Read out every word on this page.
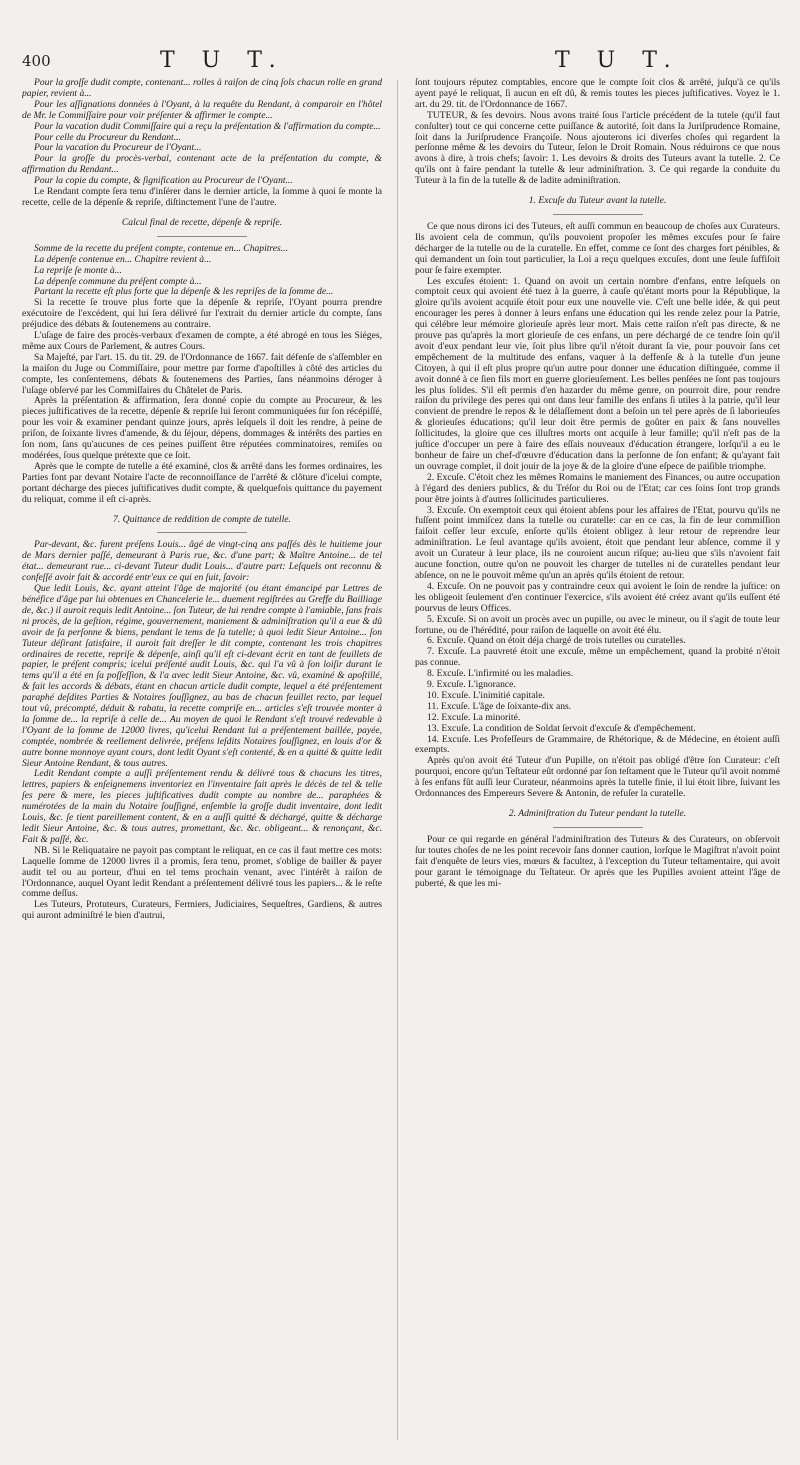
400	T U T.	T U T.

Pour la groſſe dudit compte, contenant... rolles à raiſon de cinq ſols chacun rolle en grand papier, revient à...

Pour les aſſignations données à l'Oyant, à la requête du Rendant, à comparoir en l'hôtel de Mr. le Commiſſaire pour voir préſenter & affirmer le compte...

Pour la vacation dudit Commiſſaire qui a reçu la préſentation & l'affirmation du compte...

Pour celle du Procureur du Rendant...

Pour la vacation du Procureur de l'Oyant...

Pour la groſſe du procès-verbal, contenant acte de la préſentation du compte, & affirmation du Rendant...

Pour la copie du compte, & ſignification au Procureur de l'Oyant...

Le Rendant compte ſera tenu d'inſérer dans le dernier article, la ſomme à quoi ſe monte la recette, celle de la dépenſe & repriſe, diſtinctement l'une de l'autre.

Calcul final de recette, dépenſe & repriſe.

Somme de la recette du préſent compte, contenue en... Chapitres...

La dépenſe contenue en... Chapitre revient à...

La repriſe ſe monte à...

La dépenſe commune du préſent compte à...

Partant la recette eſt plus forte que la dépenſe & les repriſes de la ſomme de...

Si la recette ſe trouve plus forte que la dépenſe & repriſe, l'Oyant pourra prendre exécutoire de l'excédent, qui lui ſera délivré ſur l'extrait du dernier article du compte, ſans préjudice des débats & ſoutenemens au contraire.

L'uſage de faire des procès-verbaux d'examen de compte, a été abrogé en tous les Siéges, même aux Cours de Parlement, & autres Cours.

Sa Majeſté, par l'art. 15. du tit. 29. de l'Ordonnance de 1667. fait défenſe de s'aſſembler en la maiſon du Juge ou Commiſſaire, pour mettre par forme d'apoſtilles à côté des articles du compte, les conſentemens, débats & ſoutenemens des Parties, ſans néanmoins déroger à l'uſage obſervé par les Commiſſaires du Châtelet de Paris.

Après la préſentation & affirmation, ſera donné copie du compte au Procureur, & les pieces juſtificatives de la recette, dépenſe & repriſe lui ſeront communiquées ſur ſon récépiſſé, pour les voir & examiner pendant quinze jours, après leſquels il doit les rendre, à peine de priſon, de ſoixante livres d'amende, & du ſéjour, dépens, dommages & intérêts des parties en ſon nom, ſans qu'aucunes de ces peines puiſſent être réputées comminatoires, remiſes ou modérées, ſous quelque prétexte que ce ſoit.

Après que le compte de tutelle a été examiné, clos & arrêté dans les formes ordinaires, les Parties font par devant Notaire l'acte de reconnoiſſance de l'arrêté & clôture d'icelui compte, portant décharge des pieces juſtificatives dudit compte, & quelquefois quittance du payement du reliquat, comme il eſt ci-après.

7. Quittance de reddition de compte de tutelle.

Par-devant, &c. furent préſens Louis... âgé de vingt-cinq ans paſſés dès le huitieme jour de Mars dernier paſſé, demeurant à Paris rue, &c. d'une part; & Maître Antoine... de tel état... demeurant rue... ci-devant Tuteur dudit Louis... d'autre part: Leſquels ont reconnu & confeſſé avoir fait & accordé entr'eux ce qui en ſuit, ſavoir:

Que ledit Louis, &c. ayant atteint l'âge de majorité (ou étant émancipé par Lettres de bénéfice d'âge par lui obtenues en Chancelerie le... duement regiſtrées au Greffe du Bailliage de, &c.) il auroit requis ledit Antoine... ſon Tuteur, de lui rendre compte à l'amiable, ſans frais ni procès, de la geſtion, régime, gouvernement, maniement & adminiſtration qu'il a eue & dû avoir de ſa perſonne & biens, pendant le tems de ſa tutelle; à quoi ledit Sieur Antoine... ſon Tuteur déſirant ſatisfaire, il auroit fait dreſſer le dit compte, contenant les trois chapitres ordinaires de recette, repriſe & dépenſe, ainſi qu'il eſt ci-devant écrit en tant de feuillets de papier, le préſent compris; icelui préſenté audit Louis, &c. qui l'a vû à ſon loiſir durant le tems qu'il a été en ſa poſſeſſion, & l'a avec ledit Sieur Antoine, &c. vû, examiné & apoſtillé, & fait les accords & débats, étant en chacun article dudit compte, lequel a été préſentement paraphé deſdites Parties & Notaires ſouſſignez, au bas de chacun feuillet recto, par lequel tout vû, précompté, déduit & rabatu, la recette compriſe en... articles s'eſt trouvée monter à la ſomme de... la repriſe à celle de... Au moyen de quoi le Rendant s'eſt trouvé redevable à l'Oyant de la ſomme de 12000 livres, qu'icelui Rendant lui a préſentement baillée, payée, comptée, nombrée & reellement delivrée, préſens leſdits Notaires ſouſſignez, en louis d'or & autre bonne monnoye ayant cours, dont ledit Oyant s'eſt contenté, & en a quitté & quitte ledit Sieur Antoine Rendant, & tous autres.

Ledit Rendant compte a auſſi préſentement rendu & délivré tous & chacuns les titres, lettres, papiers & enſeignemens inventoriez en l'inventaire fait après le décès de tel & telle ſes pere & mere, les pieces juſtificatives dudit compte au nombre de... paraphées & numérotées de la main du Notaire ſouſſigné, enſemble la groſſe dudit inventaire, dont ledit Louis, &c. ſe tient pareillement content, & en a auſſi quitté & déchargé, quitte & décharge ledit Sieur Antoine, &c. & tous autres, promettant, &c. &c. obligeant... & renonçant, &c. Fait & paſſé, &c.

NB. Si le Reliquataire ne payoit pas comptant le reliquat, en ce cas il faut mettre ces mots: Laquelle ſomme de 12000 livres il a promis, ſera tenu, promet, s'oblige de bailler & payer audit tel ou au porteur, d'hui en tel tems prochain venant, avec l'intérêt à raiſon de l'Ordonnance, auquel Oyant ledit Rendant a préſentement délivré tous les papiers... & le reſte comme deſſus.

Les Tuteurs, Protuteurs, Curateurs, Fermiers, Judiciaires, Sequeſtres, Gardiens, & autres qui auront adminiſtré le bien d'autrui,

ſont toujours réputez comptables, encore que le compte ſoit clos & arrêté, juſqu'à ce qu'ils ayent payé le reliquat, ſi aucun en eſt dû, & remis toutes les pieces juſtificatives. Voyez le 1. art. du 29. tit. de l'Ordonnance de 1667.

TUTEUR, & ſes devoirs. Nous avons traité ſous l'article précédent de la tutele (qu'il faut conſulter) tout ce qui concerne cette puiſſance & autorité, ſoit dans la Juriſprudence Romaine, ſoit dans la Juriſprudence Françoiſe. Nous ajouterons ici diverſes choſes qui regardent la perſonne même & les devoirs du Tuteur, ſelon le Droit Romain. Nous réduirons ce que nous avons à dire, à trois chefs; ſavoir: 1. Les devoirs & droits des Tuteurs avant la tutelle. 2. Ce qu'ils ont à faire pendant la tutelle & leur adminiſtration. 3. Ce qui regarde la conduite du Tuteur à la fin de la tutelle & de ladite adminiſtration.

1. Excuſe du Tuteur avant la tutelle.

Ce que nous dirons ici des Tuteurs, eſt auſſi commun en beaucoup de choſes aux Curateurs. Ils avoient cela de commun, qu'ils pouvoient propoſer les mêmes excuſes pour ſe faire décharger de la tutelle ou de la curatelle. En effet, comme ce ſont des charges fort pénibles, & qui demandent un ſoin tout particulier, la Loi a reçu quelques excuſes, dont une ſeule ſuffiſoit pour ſe faire exempter.

Les excuſes étoient: 1. Quand on avoit un certain nombre d'enfans, entre leſquels on comptoit ceux qui avoient été tuez à la guerre, à cauſe qu'étant morts pour la République, la gloire qu'ils avoient acquiſe étoit pour eux une nouvelle vie. C'eſt une belle idée, & qui peut encourager les peres à donner à leurs enfans une éducation qui les rende zelez pour la Patrie, qui célébre leur mémoire glorieuſe après leur mort. Mais cette raiſon n'eſt pas directe, & ne prouve pas qu'après la mort glorieuſe de ces enfans, un pere déchargé de ce tendre ſoin qu'il avoit d'eux pendant leur vie, ſoit plus libre qu'il n'étoit durant ſa vie, pour pouvoir ſans cet empêchement de la multitude des enfans, vaquer à la deffenſe & à la tutelle d'un jeune Citoyen, à qui il eſt plus propre qu'un autre pour donner une éducation diſtinguée, comme il avoit donné à ce ſien fils mort en guerre glorieuſement. Les belles penſées ne ſont pas toujours les plus ſolides. S'il eſt permis d'en hazarder du même genre, on pourroit dire, pour rendre raiſon du privilege des peres qui ont dans leur famille des enfans ſi utiles à la patrie, qu'il leur convient de prendre le repos & le délaſſement dont a beſoin un tel pere après de ſi laborieuſes & glorieuſes éducations; qu'il leur doit être permis de goûter en paix & ſans nouvelles ſollicitudes, la gloire que ces illuſtres morts ont acquiſe à leur famille; qu'il n'eſt pas de la juſtice d'occuper un pere à faire des eſſais nouveaux d'éducation étrangere, lorſqu'il a eu le bonheur de faire un chef-d'œuvre d'éducation dans la perſonne de ſon enfant; & qu'ayant fait un ouvrage complet, il doit jouir de la joye & de la gloire d'une eſpece de paiſible triomphe.

2. Excuſe. C'étoit chez les mêmes Romains le maniement des Finances, ou autre occupation à l'égard des deniers publics, & du Tréſor du Roi ou de l'Etat; car ces ſoins ſont trop grands pour être joints à d'autres ſollicitudes particulieres.

3. Excuſe. On exemptoit ceux qui étoient abſens pour les affaires de l'Etat, pourvu qu'ils ne fuſſent point immiſcez dans la tutelle ou curatelle: car en ce cas, la fin de leur commiſſion faiſoit ceſſer leur excuſe, enſorte qu'ils étoient obligez à leur retour de reprendre leur adminiſtration. Le ſeul avantage qu'ils avoient, étoit que pendant leur abſence, comme il y avoit un Curateur à leur place, ils ne couroient aucun riſque; au-lieu que s'ils n'avoient fait aucune fonction, outre qu'on ne pouvoit les charger de tutelles ni de curatelles pendant leur abſence, on ne le pouvoit même qu'un an après qu'ils étoient de retour.

4. Excuſe. On ne pouvoit pas y contraindre ceux qui avoient le ſoin de rendre la juſtice: on les obligeoit ſeulement d'en continuer l'exercice, s'ils avoient été créez avant qu'ils euſſent été pourvus de leurs Offices.

5. Excuſe. Si on avoit un procès avec un pupille, ou avec le mineur, ou il s'agit de toute leur fortune, ou de l'hérédité, pour raiſon de laquelle on avoit été élu.

6. Excuſe. Quand on étoit déja chargé de trois tutelles ou curatelles.

7. Excuſe. La pauvreté étoit une excuſe, même un empêchement, quand la probité n'étoit pas connue.

8. Excuſe. L'infirmité ou les maladies.

9. Excuſe. L'ignorance.

10. Excuſe. L'inimitié capitale.

11. Excuſe. L'âge de ſoixante-dix ans.

12. Excuſe. La minorité.

13. Excuſe. La condition de Soldat ſervoit d'excuſe & d'empêchement.

14. Excuſe. Les Profeſſeurs de Grammaire, de Rhétorique, & de Médecine, en étoient auſſi exempts.

Après qu'on avoit été Tuteur d'un Pupille, on n'étoit pas obligé d'être ſon Curateur: c'eſt pourquoi, encore qu'un Teſtateur eût ordonné par ſon teſtament que le Tuteur qu'il avoit nommé à ſes enfans fût auſſi leur Curateur, néanmoins après la tutelle finie, il lui étoit libre, ſuivant les Ordonnances des Empereurs Severe & Antonin, de refuſer la curatelle.

2. Adminiſtration du Tuteur pendant la tutelle.

Pour ce qui regarde en général l'adminiſtration des Tuteurs & des Curateurs, on obſervoit ſur toutes choſes de ne les point recevoir ſans donner caution, lorſque le Magiſtrat n'avoit point fait d'enquête de leurs vies, mœurs & facultez, à l'exception du Tuteur teſtamentaire, qui avoit pour garant le témoignage du Teſtateur. Or après que les Pupilles avoient atteint l'âge de puberté, & que les mi-
